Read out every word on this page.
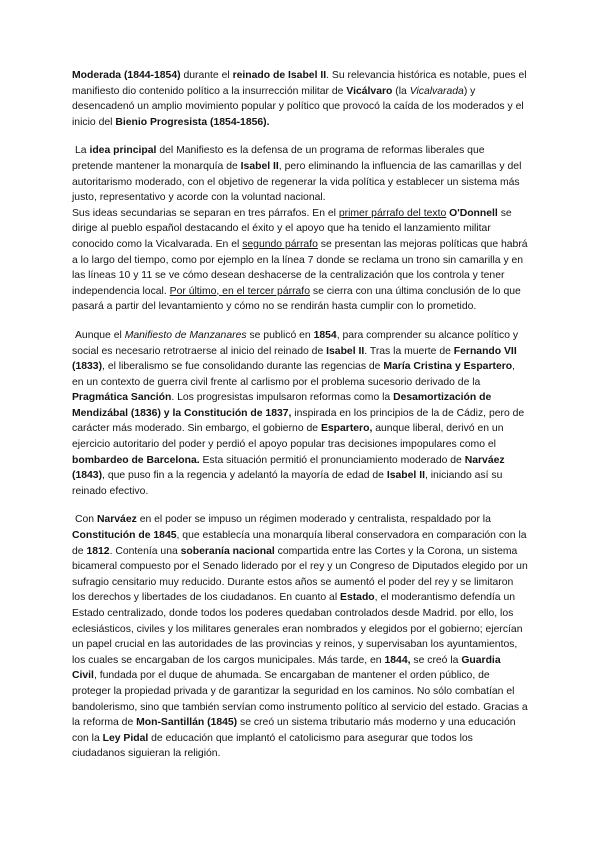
Moderada (1844-1854) durante el reinado de Isabel II. Su relevancia histórica es notable, pues el manifiesto dio contenido político a la insurrección militar de Vicálvaro (la Vicalvarada) y desencadenó un amplio movimiento popular y político que provocó la caída de los moderados y el inicio del Bienio Progresista (1854-1856).

La idea principal del Manifiesto es la defensa de un programa de reformas liberales que pretende mantener la monarquía de Isabel II, pero eliminando la influencia de las camarillas y del autoritarismo moderado, con el objetivo de regenerar la vida política y establecer un sistema más justo, representativo y acorde con la voluntad nacional.

Sus ideas secundarias se separan en tres párrafos. En el primer párrafo del texto O'Donnell se dirige al pueblo español destacando el éxito y el apoyo que ha tenido el lanzamiento militar conocido como la Vicalvarada. En el segundo párrafo se presentan las mejoras políticas que habrá a lo largo del tiempo, como por ejemplo en la línea 7 donde se reclama un trono sin camarilla y en las líneas 10 y 11 se ve cómo desean deshacerse de la centralización que los controla y tener independencia local. Por último, en el tercer párrafo se cierra con una última conclusión de lo que pasará a partir del levantamiento y cómo no se rendirán hasta cumplir con lo prometido.

Aunque el Manifiesto de Manzanares se publicó en 1854, para comprender su alcance político y social es necesario retrotraerse al inicio del reinado de Isabel II. Tras la muerte de Fernando VII (1833), el liberalismo se fue consolidando durante las regencias de María Cristina y Espartero, en un contexto de guerra civil frente al carlismo por el problema sucesorio derivado de la Pragmática Sanción. Los progresistas impulsaron reformas como la Desamortización de Mendizábal (1836) y la Constitución de 1837, inspirada en los principios de la de Cádiz, pero de carácter más moderado. Sin embargo, el gobierno de Espartero, aunque liberal, derivó en un ejercicio autoritario del poder y perdió el apoyo popular tras decisiones impopulares como el bombardeo de Barcelona. Esta situación permitió el pronunciamiento moderado de Narváez (1843), que puso fin a la regencia y adelantó la mayoría de edad de Isabel II, iniciando así su reinado efectivo.

Con Narváez en el poder se impuso un régimen moderado y centralista, respaldado por la Constitución de 1845, que establecía una monarquía liberal conservadora en comparación con la de 1812. Contenía una soberanía nacional compartida entre las Cortes y la Corona, un sistema bicameral compuesto por el Senado liderado por el rey y un Congreso de Diputados elegido por un sufragio censitario muy reducido. Durante estos años se aumentó el poder del rey y se limitaron los derechos y libertades de los ciudadanos. En cuanto al Estado, el moderantismo defendía un Estado centralizado, donde todos los poderes quedaban controlados desde Madrid. por ello, los eclesiásticos, civiles y los militares generales eran nombrados y elegidos por el gobierno; ejercían un papel crucial en las autoridades de las provincias y reinos, y supervisaban los ayuntamientos, los cuales se encargaban de los cargos municipales. Más tarde, en 1844, se creó la Guardia Civil, fundada por el duque de ahumada. Se encargaban de mantener el orden público, de proteger la propiedad privada y de garantizar la seguridad en los caminos. No sólo combatían el bandolerismo, sino que también servían como instrumento político al servicio del estado. Gracias a la reforma de Mon-Santillán (1845) se creó un sistema tributario más moderno y una educación con la Ley Pidal de educación que implantó el catolicismo para asegurar que todos los ciudadanos siguieran la religión.
